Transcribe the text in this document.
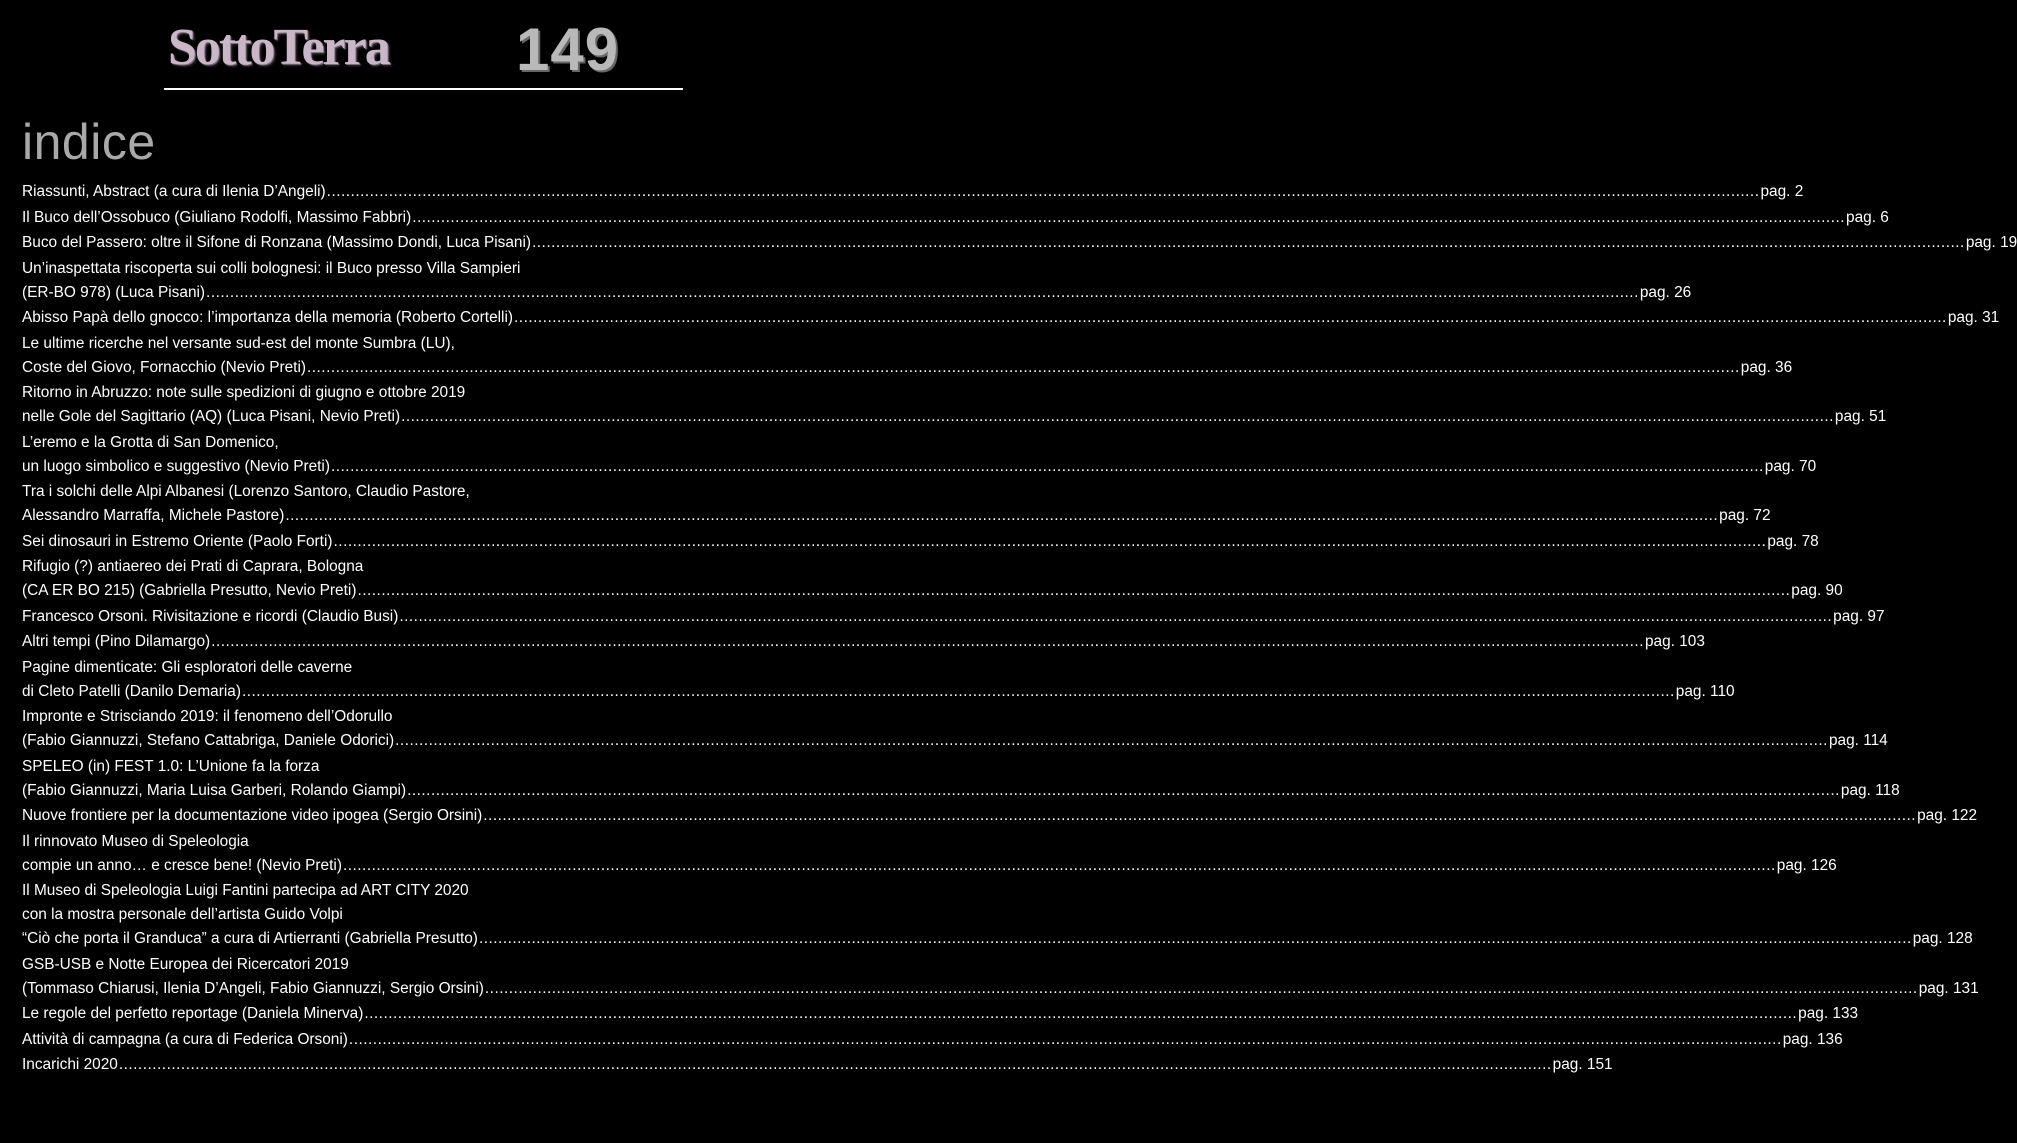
SottoTerra 149
indice
Riassunti, Abstract (a cura di Ilenia D’Angeli) ............................................................................................................................................................................................................................................................................................................ pag. 2
Il Buco dell’Ossobuco (Giuliano Rodolfi, Massimo Fabbri) ............................................................................................................................................................................................................................................................................................................ pag. 6
Buco del Passero: oltre il Sifone di Ronzana (Massimo Dondi, Luca Pisani) ............................................................................................................................................................................................................................................................................................................ pag. 19
Un’inaspettata riscoperta sui colli bolognesi: il Buco presso Villa Sampieri
(ER-BO 978) (Luca Pisani) ............................................................................................................................................................................................................................................................................................................ pag. 26
Abisso Papà dello gnocco: l’importanza della memoria (Roberto Cortelli) ............................................................................................................................................................................................................................................................................................................ pag. 31
Le ultime ricerche nel versante sud-est del monte Sumbra (LU),
Coste del Giovo, Fornacchio (Nevio Preti) ............................................................................................................................................................................................................................................................................................................ pag. 36
Ritorno in Abruzzo: note sulle spedizioni di giugno e ottobre 2019
nelle Gole del Sagittario (AQ) (Luca Pisani, Nevio Preti) ............................................................................................................................................................................................................................................................................................................ pag. 51
L’eremo e la Grotta di San Domenico,
un luogo simbolico e suggestivo (Nevio Preti) ............................................................................................................................................................................................................................................................................................................ pag. 70
Tra i solchi delle Alpi Albanesi (Lorenzo Santoro, Claudio Pastore,
Alessandro Marraffa, Michele Pastore) ............................................................................................................................................................................................................................................................................................................ pag. 72
Sei dinosauri in Estremo Oriente (Paolo Forti) ............................................................................................................................................................................................................................................................................................................ pag. 78
Rifugio (?) antiaereo dei Prati di Caprara, Bologna
(CA ER BO 215) (Gabriella Presutto, Nevio Preti) ............................................................................................................................................................................................................................................................................................................ pag. 90
Francesco Orsoni. Rivisitazione e ricordi (Claudio Busi) ............................................................................................................................................................................................................................................................................................................ pag. 97
Altri tempi (Pino Dilamargo) ............................................................................................................................................................................................................................................................................................................ pag. 103
Pagine dimenticate: Gli esploratori delle caverne
di Cleto Patelli (Danilo Demaria) ............................................................................................................................................................................................................................................................................................................ pag. 110
Impronte e Strisciando 2019: il fenomeno dell’Odorullo
(Fabio Giannuzzi, Stefano Cattabriga, Daniele Odorici) ............................................................................................................................................................................................................................................................................................................ pag. 114
SPELEO (in) FEST 1.0: L’Unione fa la forza
(Fabio Giannuzzi, Maria Luisa Garberi, Rolando Giampi) ............................................................................................................................................................................................................................................................................................................ pag. 118
Nuove frontiere per la documentazione video ipogea (Sergio Orsini) ............................................................................................................................................................................................................................................................................................................ pag. 122
Il rinnovato Museo di Speleologia
compie un anno… e cresce bene! (Nevio Preti) ............................................................................................................................................................................................................................................................................................................ pag. 126
Il Museo di Speleologia Luigi Fantini partecipa ad ART CITY 2020
con la mostra personale dell’artista Guido Volpi
“Ciò che porta il Granduca” a cura di Artierranti (Gabriella Presutto) ............................................................................................................................................................................................................................................................................................................ pag. 128
GSB-USB e Notte Europea dei Ricercatori 2019
(Tommaso Chiarusi, Ilenia D’Angeli, Fabio Giannuzzi, Sergio Orsini) ............................................................................................................................................................................................................................................................................................................ pag. 131
Le regole del perfetto reportage (Daniela Minerva) ............................................................................................................................................................................................................................................................................................................ pag. 133
Attività di campagna (a cura di Federica Orsoni) ............................................................................................................................................................................................................................................................................................................ pag. 136
Incarichi 2020 ............................................................................................................................................................................................................................................................................................................ pag. 151
